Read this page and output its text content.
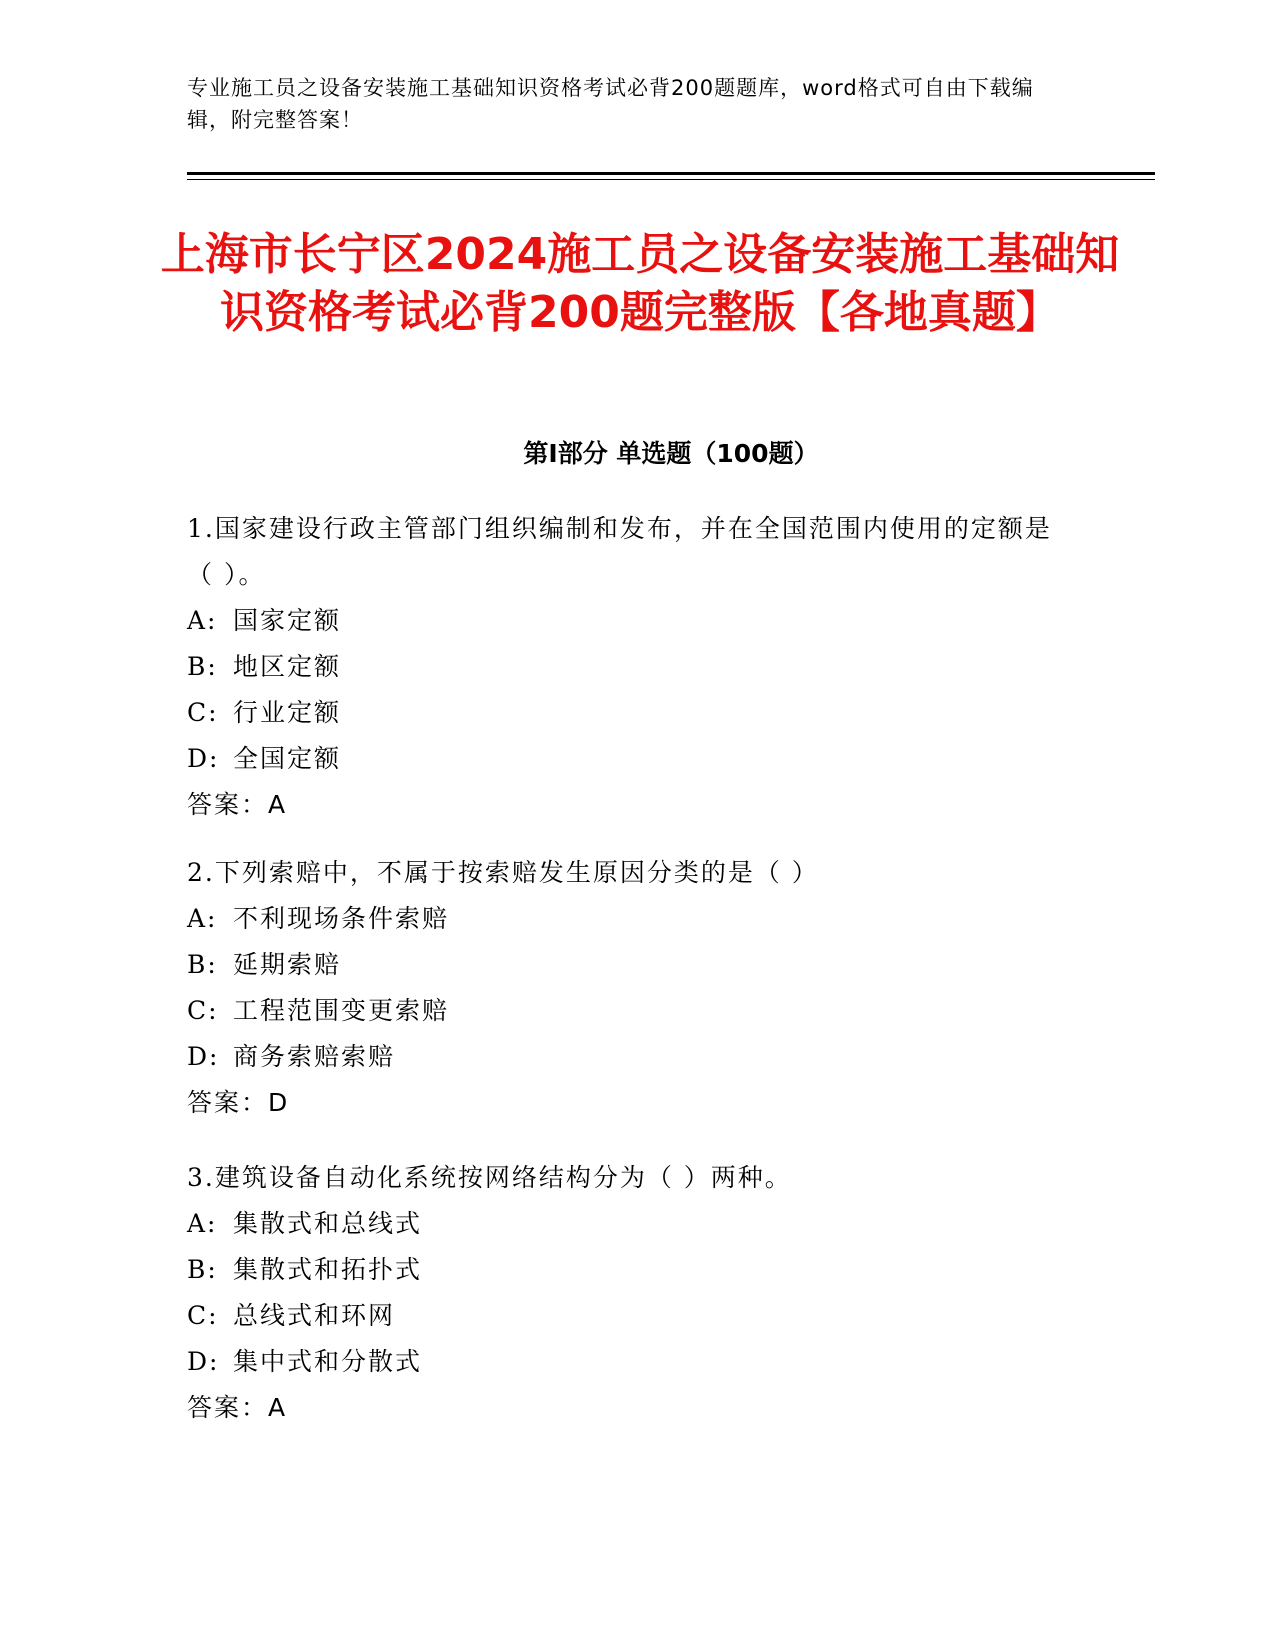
专业施工员之设备安装施工基础知识资格考试必背200题题库，word格式可自由下载编辑，附完整答案！
上海市长宁区2024施工员之设备安装施工基础知识资格考试必背200题完整版【各地真题】
第I部分 单选题（100题）
1.国家建设行政主管部门组织编制和发布，并在全国范围内使用的定额是（ ）。
A: 国家定额
B: 地区定额
C: 行业定额
D: 全国定额
答案：A
2.下列索赔中，不属于按索赔发生原因分类的是（ ）
A: 不利现场条件索赔
B: 延期索赔
C: 工程范围变更索赔
D: 商务索赔索赔
答案：D
3.建筑设备自动化系统按网络结构分为（ ）两种。
A: 集散式和总线式
B: 集散式和拓扑式
C: 总线式和环网
D: 集中式和分散式
答案：A
